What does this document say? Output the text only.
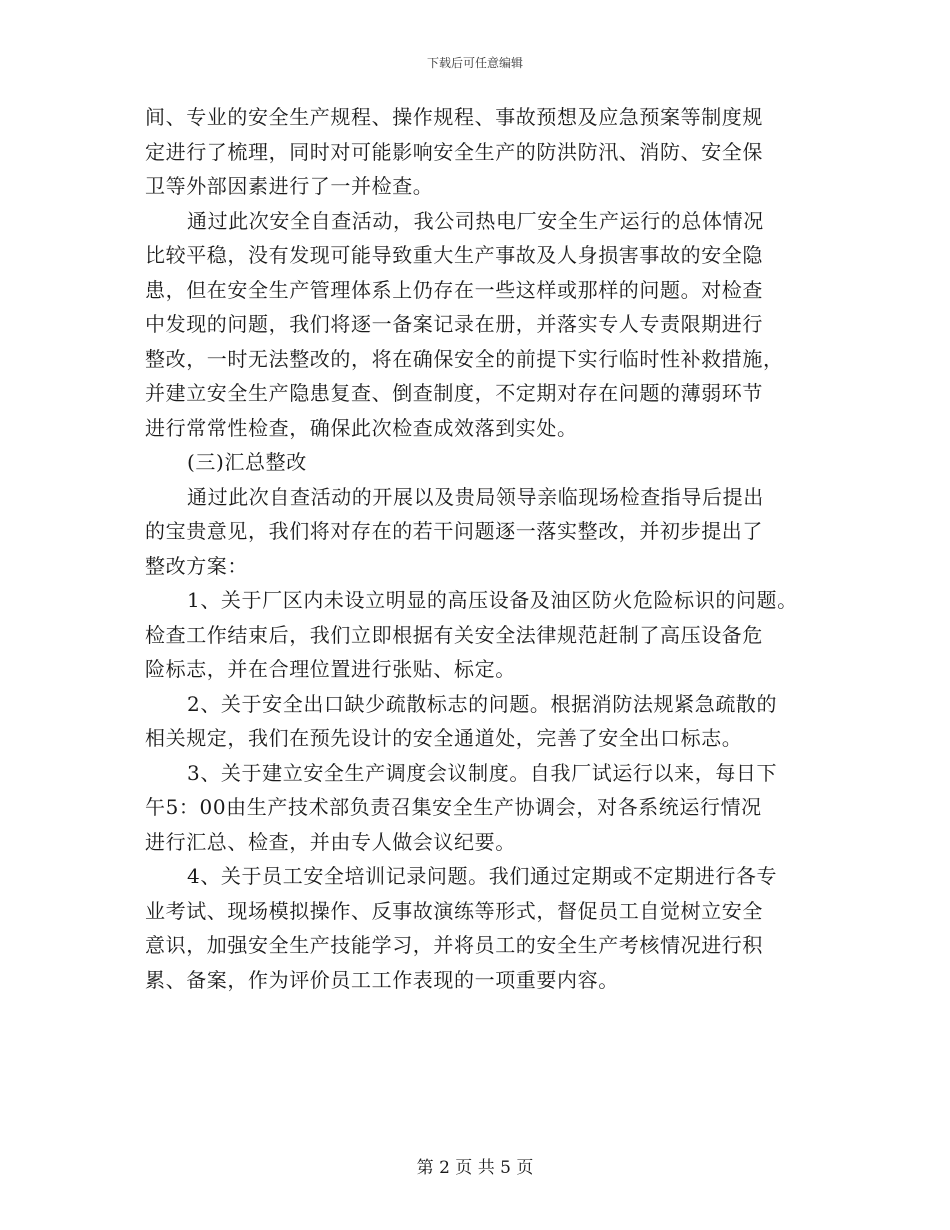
下载后可任意编辑
间、专业的安全生产规程、操作规程、事故预想及应急预案等制度规
定进行了梳理，同时对可能影响安全生产的防洪防汛、消防、安全保
卫等外部因素进行了一并检查。
通过此次安全自查活动，我公司热电厂安全生产运行的总体情况
比较平稳，没有发现可能导致重大生产事故及人身损害事故的安全隐
患，但在安全生产管理体系上仍存在一些这样或那样的问题。对检查
中发现的问题，我们将逐一备案记录在册，并落实专人专责限期进行
整改，一时无法整改的，将在确保安全的前提下实行临时性补救措施，
并建立安全生产隐患复查、倒查制度，不定期对存在问题的薄弱环节
进行常常性检查，确保此次检查成效落到实处。
(三)汇总整改
通过此次自查活动的开展以及贵局领导亲临现场检查指导后提出
的宝贵意见，我们将对存在的若干问题逐一落实整改，并初步提出了
整改方案：
1、关于厂区内未设立明显的高压设备及油区防火危险标识的问题。
检查工作结束后，我们立即根据有关安全法律规范赶制了高压设备危
险标志，并在合理位置进行张贴、标定。
2、关于安全出口缺少疏散标志的问题。根据消防法规紧急疏散的
相关规定，我们在预先设计的安全通道处，完善了安全出口标志。
3、关于建立安全生产调度会议制度。自我厂试运行以来，每日下
午5：00由生产技术部负责召集安全生产协调会，对各系统运行情况
进行汇总、检查，并由专人做会议纪要。
4、关于员工安全培训记录问题。我们通过定期或不定期进行各专
业考试、现场模拟操作、反事故演练等形式，督促员工自觉树立安全
意识，加强安全生产技能学习，并将员工的安全生产考核情况进行积
累、备案，作为评价员工工作表现的一项重要内容。
第 2 页 共 5 页
